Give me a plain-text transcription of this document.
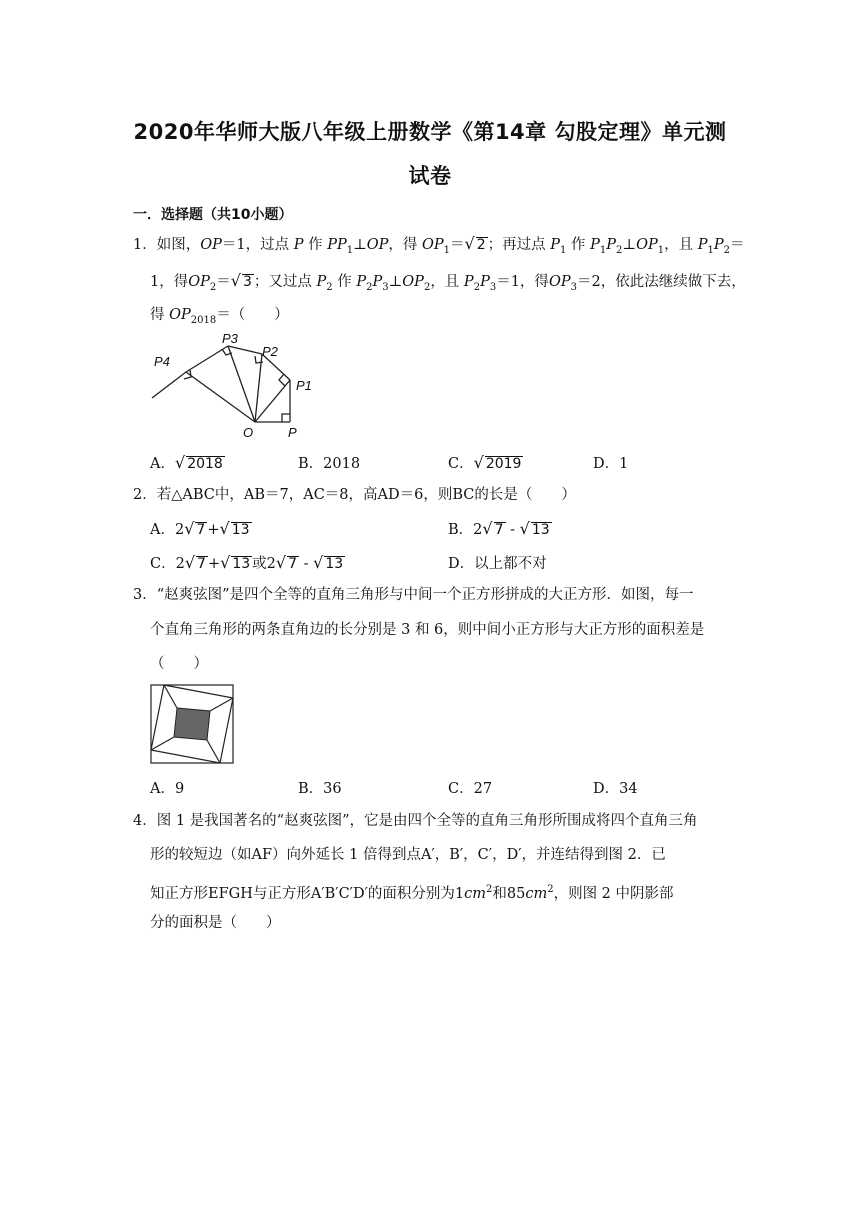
2020年华师大版八年级上册数学《第14章 勾股定理》单元测
试卷
一．选择题（共10小题）
1．如图，OP＝1，过点 P 作 $PP_1\perp OP$，得 $OP_1=√$ 2 ；再过点 $P_1$ 作 $P_1P_2\perp OP_1$，且 $P_1P_2=$
1，得$OP_2=√$ 3 ；又过点 $P_2$ 作 $P_2P_3\perp OP_2$，且 $P_2P_3=1$，得$OP_3=2$，依此法继续做下去，
得 $OP_{2018}=$（　　）
P4
P3
P2
P1
O	P
A．√ 2018	B．2018	C．√ 2019	D．1
2．若△ABC中，AB＝7，AC＝8，高AD＝6，则BC的长是（　　）
A．2√ 7 +√ 13	B．2√ 7 - √ 13
C．2√ 7 +√ 13 或2√ 7 - √ 13	D．以上都不对
3．“赵爽弦图”是四个全等的直角三角形与中间一个正方形拼成的大正方形．如图，每一
个直角三角形的两条直角边的长分别是 3 和 6，则中间小正方形与大正方形的面积差是
（　　）
A．9	B．36	C．27	D．34
4．图 1 是我国著名的“赵爽弦图”，它是由四个全等的直角三角形所围成将四个直角三角
形的较短边（如AF）向外延长 1 倍得到点A′，B′，C′，D′，并连结得到图 2．已
知正方形EFGH与正方形A′B′C′D′的面积分别为$1cm^2$和$85cm^2$，则图 2 中阴影部
分的面积是（　　）
